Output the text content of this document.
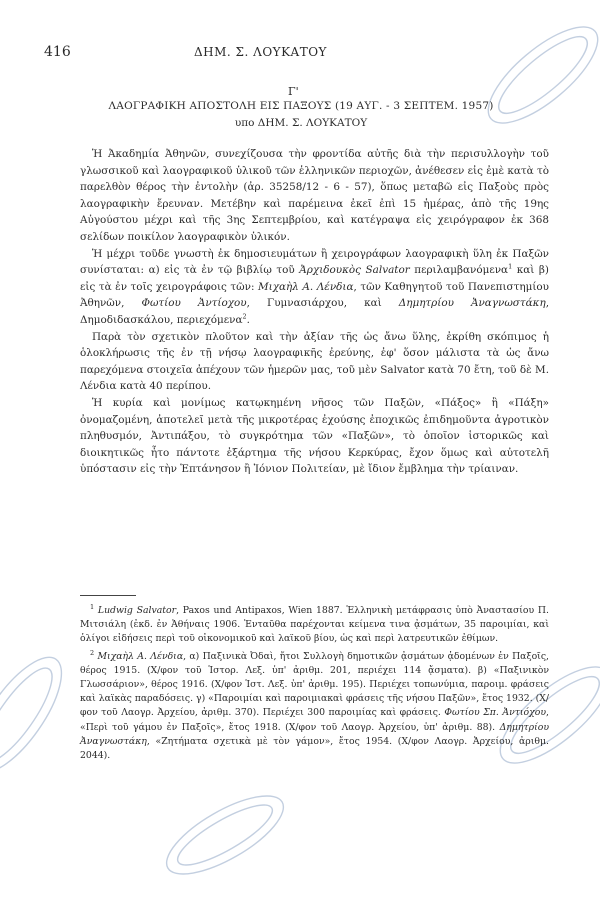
416	ΔΗΜ. Σ. ΛΟΥΚΑΤΟΥ
Γ'
ΛΑΟΓΡΑΦΙΚΗ ΑΠΟΣΤΟΛΗ ΕΙΣ ΠΑΞΟΥΣ (19 ΑΥΓ. - 3 ΣΕΠΤΕΜ. 1957)
υπο ΔΗΜ. Σ. ΛΟΥΚΑΤΟΥ

Ἡ Ἀκαδημία Ἀθηνῶν, συνεχίζουσα τὴν φροντίδα αὐτῆς διὰ τὴν περισυλλογὴν τοῦ γλωσσικοῦ καὶ λαογραφικοῦ ὑλικοῦ τῶν ἑλληνικῶν περιοχῶν, ἀνέθεσεν εἰς ἐμὲ κατὰ τὸ παρελθὸν θέρος τὴν ἐντολὴν (ἀρ. 35258/12 - 6 - 57), ὅπως μεταβῶ εἰς Παξοὺς πρὸς λαογραφικὴν ἔρευναν. Μετέβην καὶ παρέμεινα ἐκεῖ ἐπὶ 15 ἡμέρας, ἀπὸ τῆς 19ης Αὐγούστου μέχρι καὶ τῆς 3ης Σεπτεμβρίου, καὶ κατέγραψα εἰς χειρόγραφον ἐκ 368 σελίδων ποικίλον λαογραφικὸν ὑλικόν.

Ἡ μέχρι τοῦδε γνωστὴ ἐκ δημοσιευμάτων ἢ χειρογράφων λαογραφικὴ ὕλη ἐκ Παξῶν συνίσταται: α) εἰς τὰ ἐν τῷ βιβλίῳ τοῦ Ἀρχιδουκὸς Salvator περιλαμβανόμενα$^1$ καὶ β) εἰς τὰ ἐν τοῖς χειρογράφοις τῶν: Μιχαὴλ Α. Λένδια, τῶν Καθηγητοῦ τοῦ Πανεπιστημίου Ἀθηνῶν, Φωτίου Ἀντίοχου, Γυμνασιάρχου, καὶ Δημητρίου Ἀναγνωστάκη, Δημοδιδασκάλου, περιεχόμενα$^2$.

Παρὰ τὸν σχετικὸν πλοῦτον καὶ τὴν ἀξίαν τῆς ὡς ἄνω ὕλης, ἐκρίθη σκόπιμος ἡ ὁλοκλήρωσις τῆς ἐν τῇ νήσῳ λαογραφικῆς ἐρεύνης, ἐφ' ὅσον μάλιστα τὰ ὡς ἄνω παρεχόμενα στοιχεῖα ἀπέχουν τῶν ἡμερῶν μας, τοῦ μὲν Salvator κατὰ 70 ἔτη, τοῦ δὲ Μ. Λένδια κατὰ 40 περίπου.

Ἡ κυρία καὶ μονίμως κατῳκημένη νῆσος τῶν Παξῶν, «Πάξος» ἢ «Πάξη» ὀνομαζομένη, ἀποτελεῖ μετὰ τῆς μικροτέρας ἐχούσης ἐποχικῶς ἐπιδημοῦντα ἀγροτικὸν πληθυσμόν, Ἀντιπάξου, τὸ συγκρότημα τῶν «Παξῶν», τὸ ὁποῖον ἱστορικῶς καὶ διοικητικῶς ἦτο πάντοτε ἐξάρτημα τῆς νήσου Κερκύρας, ἔχον ὅμως καὶ αὐτοτελῆ ὑπόστασιν εἰς τὴν Ἑπτάνησον ἢ Ἰόνιον Πολιτείαν, μὲ ἴδιον ἔμβλημα τὴν τρίαιναν.

$^1$ Ludwig Salvator, Paxos und Antipaxos, Wien 1887. Ἑλληνικὴ μετάφρασις ὑπὸ Ἀναστασίου Π. Μιτσιάλη (ἐκδ. ἐν Ἀθήναις 1906. Ἐνταῦθα παρέχονται κείμενα τινα ᾀσμάτων, 35 παροιμίαι, καὶ ὁλίγοι εἰδήσεις περὶ τοῦ οἰκονομικοῦ καὶ λαϊκοῦ βίου, ὡς καὶ περὶ λατρευτικῶν ἐθίμων.

$^2$ Μιχαὴλ Α. Λένδια, α) Παξινικὰ Ὀδαὶ, ἤτοι Συλλογὴ δημοτικῶν ᾀσμάτων ᾀδομένων ἐν Παξοῖς, θέρος 1915. (Χ/φον τοῦ Ἱστορ. Λεξ. ὑπ' ἀριθμ. 201, περιέχει 114 ᾄσματα). β) «Παξινικὸν Γλωσσάριον», θέρος 1916. (Χ/φον Ἱστ. Λεξ. ὑπ' ἀριθμ. 195). Περιέχει τοπωνύμια, παροιμ. φράσεις καὶ λαϊκὰς παραδόσεις. γ) «Παροιμίαι καὶ παροιμιακαὶ φράσεις τῆς νήσου Παξῶν», ἔτος 1932. (Χ/φον τοῦ Λαογρ. Ἀρχείου, ἀριθμ. 370). Περιέχει 300 παροιμίας καὶ φράσεις. Φωτίου Σπ. Ἀντιόχου, «Περὶ τοῦ γάμου ἐν Παξοῖς», ἔτος 1918. (Χ/φον τοῦ Λαογρ. Ἀρχείου, ὑπ' ἀριθμ. 88). Δημητρίου Ἀναγνωστάκη, «Ζητήματα σχετικὰ μὲ τὸν γάμον», ἔτος 1954. (Χ/φον Λαογρ. Ἀρχείου, ἀριθμ. 2044).
